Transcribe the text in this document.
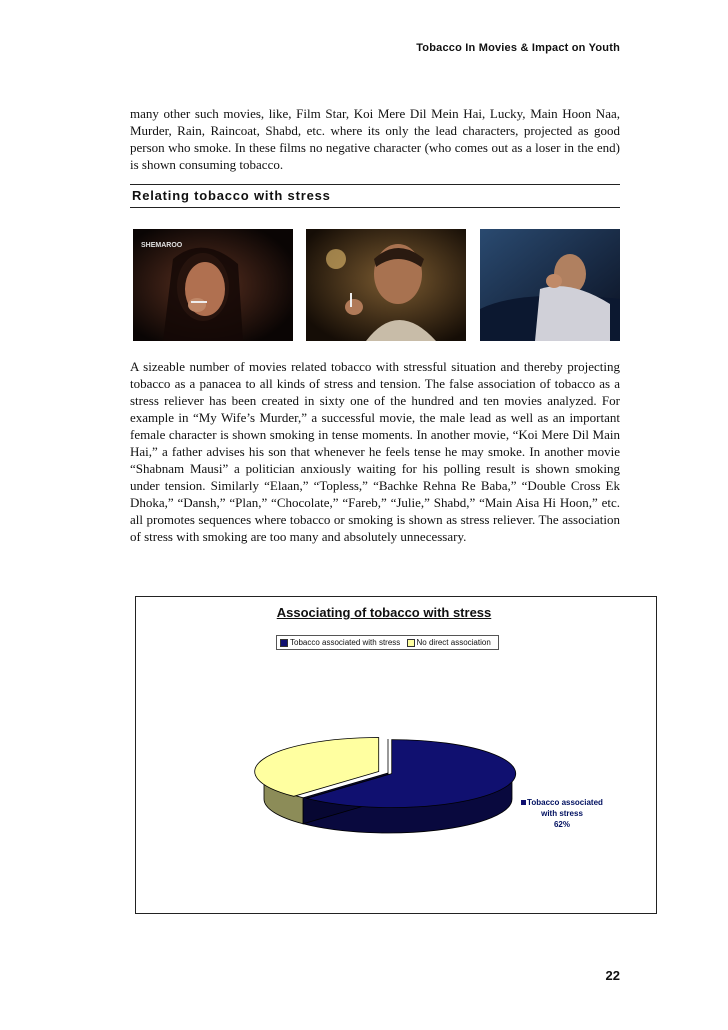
Tobacco In Movies & Impact on Youth

many other such movies, like, Film Star, Koi Mere Dil Mein Hai, Lucky, Main Hoon Naa, Murder, Rain, Raincoat, Shabd, etc. where its only the lead characters, projected as good person who smoke. In these films no negative character (who comes out as a loser in the end) is shown consuming tobacco.

Relating tobacco with stress
SHEMAROO

A sizeable number of movies related tobacco with stressful situation and thereby projecting tobacco as a panacea to all kinds of stress and tension. The false association of tobacco as a stress reliever has been created in sixty one of the hundred and ten movies analyzed. For example in “My Wife’s Murder,” a successful movie, the male lead as well as an important female character is shown smoking in tense moments. In another movie, “Koi Mere Dil Main Hai,” a father advises his son that whenever he feels tense he may smoke. In another movie “Shabnam Mausi” a politician anxiously waiting for his polling result is shown smoking under tension. Similarly “Elaan,” “Topless,” “Bachke Rehna Re Baba,” “Double Cross Ek Dhoka,” “Dansh,” “Plan,” “Chocolate,” “Fareb,” “Julie,” Shabd,” “Main Aisa Hi Hoon,” etc. all promotes sequences where tobacco or smoking is shown as stress reliever. The association of stress with smoking are too many and absolutely unnecessary.

Associating of tobacco with stress
Tobacco associated with stress No direct association
Tobacco associated
with stress
62%
22
